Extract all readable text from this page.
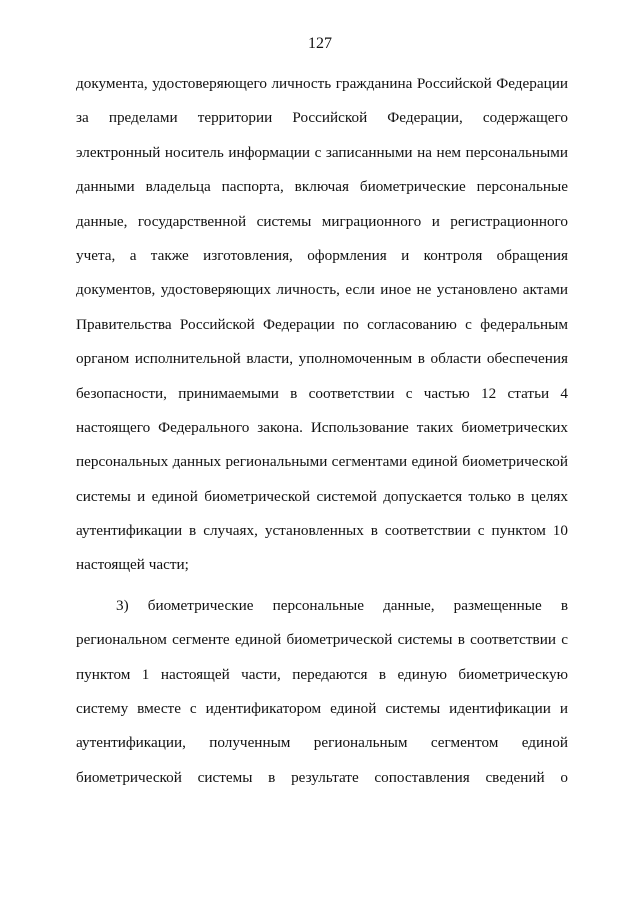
127
документа, удостоверяющего личность гражданина Российской Федерации
за пределами территории Российской Федерации, содержащего
электронный носитель информации с записанными на нем персональными
данными владельца паспорта, включая биометрические персональные
данные, государственной системы миграционного и регистрационного
учета, а также изготовления, оформления и контроля обращения
документов, удостоверяющих личность, если иное не установлено актами
Правительства Российской Федерации по согласованию с федеральным
органом исполнительной власти, уполномоченным в области обеспечения
безопасности, принимаемыми в соответствии с частью 12 статьи 4
настоящего Федерального закона. Использование таких биометрических
персональных данных региональными сегментами единой биометрической
системы и единой биометрической системой допускается только в целях
аутентификации в случаях, установленных в соответствии с пунктом 10
настоящей части;
3) биометрические персональные данные, размещенные в
региональном сегменте единой биометрической системы в соответствии с
пунктом 1 настоящей части, передаются в единую биометрическую
систему вместе с идентификатором единой системы идентификации и
аутентификации, полученным региональным сегментом единой
биометрической системы в результате сопоставления сведений о
